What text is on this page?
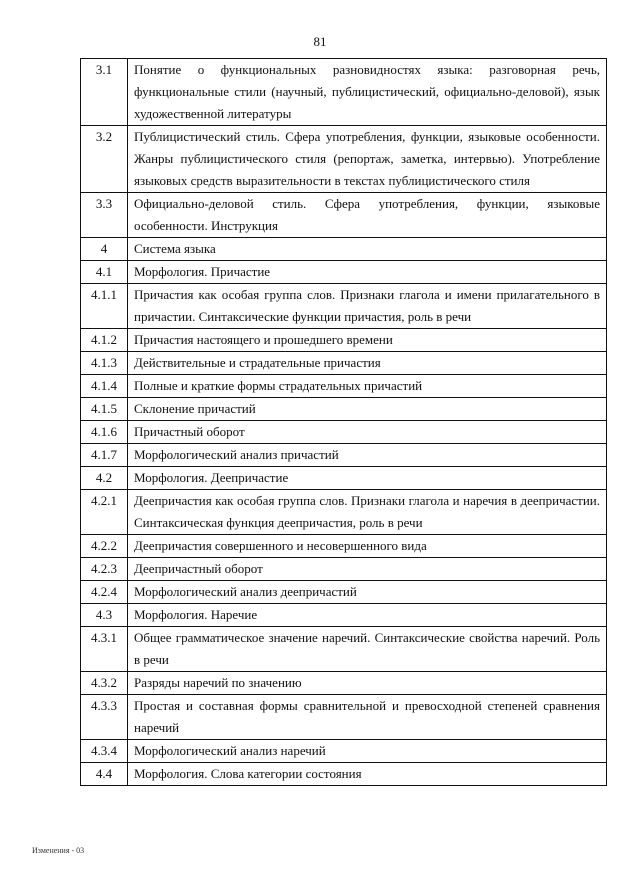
81
3.1	Понятие о функциональных разновидностях языка: разговорная речь, функциональные стили (научный, публицистический, официально-деловой), язык художественной литературы
3.2	Публицистический стиль. Сфера употребления, функции, языковые особенности. Жанры публицистического стиля (репортаж, заметка, интервью). Употребление языковых средств выразительности в текстах публицистического стиля
3.3	Официально-деловой стиль. Сфера употребления, функции, языковые особенности. Инструкция
4	Система языка
4.1	Морфология. Причастие
4.1.1	Причастия как особая группа слов. Признаки глагола и имени прилагательного в причастии. Синтаксические функции причастия, роль в речи
4.1.2	Причастия настоящего и прошедшего времени
4.1.3	Действительные и страдательные причастия
4.1.4	Полные и краткие формы страдательных причастий
4.1.5	Склонение причастий
4.1.6	Причастный оборот
4.1.7	Морфологический анализ причастий
4.2	Морфология. Деепричастие
4.2.1	Деепричастия как особая группа слов. Признаки глагола и наречия в деепричастии. Синтаксическая функция деепричастия, роль в речи
4.2.2	Деепричастия совершенного и несовершенного вида
4.2.3	Деепричастный оборот
4.2.4	Морфологический анализ деепричастий
4.3	Морфология. Наречие
4.3.1	Общее грамматическое значение наречий. Синтаксические свойства наречий. Роль в речи
4.3.2	Разряды наречий по значению
4.3.3	Простая и составная формы сравнительной и превосходной степеней сравнения наречий
4.3.4	Морфологический анализ наречий
4.4	Морфология. Слова категории состояния
Изменения - 03
